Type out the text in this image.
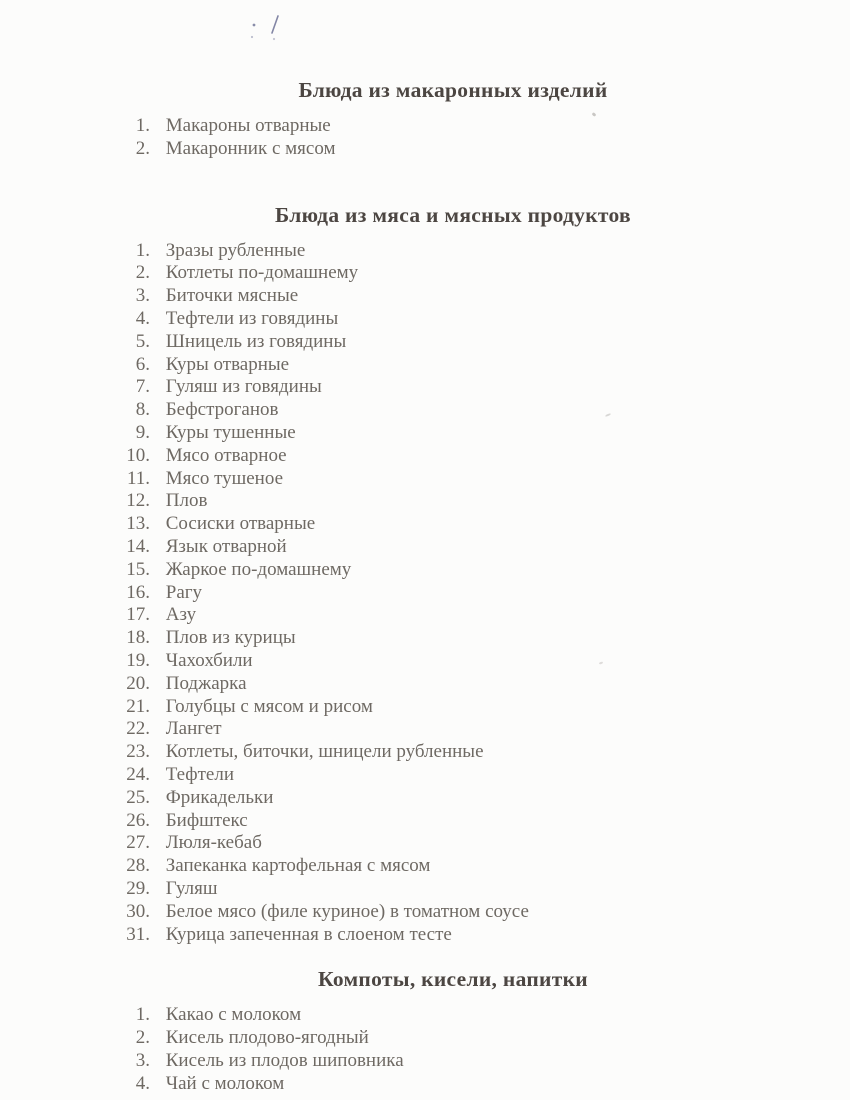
Блюда из макаронных изделий
1. Макароны отварные
2. Макаронник с мясом
Блюда из мяса и мясных продуктов
1. Зразы рубленные
2. Котлеты по-домашнему
3. Биточки мясные
4. Тефтели из говядины
5. Шницель из говядины
6. Куры отварные
7. Гуляш из говядины
8. Бефстроганов
9. Куры тушенные
10. Мясо отварное
11. Мясо тушеное
12. Плов
13. Сосиски отварные
14. Язык отварной
15. Жаркое по-домашнему
16. Рагу
17. Азу
18. Плов из курицы
19. Чахохбили
20. Поджарка
21. Голубцы с мясом и рисом
22. Лангет
23. Котлеты, биточки, шницели рубленные
24. Тефтели
25. Фрикадельки
26. Бифштекс
27. Люля-кебаб
28. Запеканка картофельная с мясом
29. Гуляш
30. Белое мясо (филе куриное) в томатном соусе
31. Курица запеченная в слоеном тесте
Компоты, кисели, напитки
1. Какао с молоком
2. Кисель плодово-ягодный
3. Кисель из плодов шиповника
4. Чай с молоком
